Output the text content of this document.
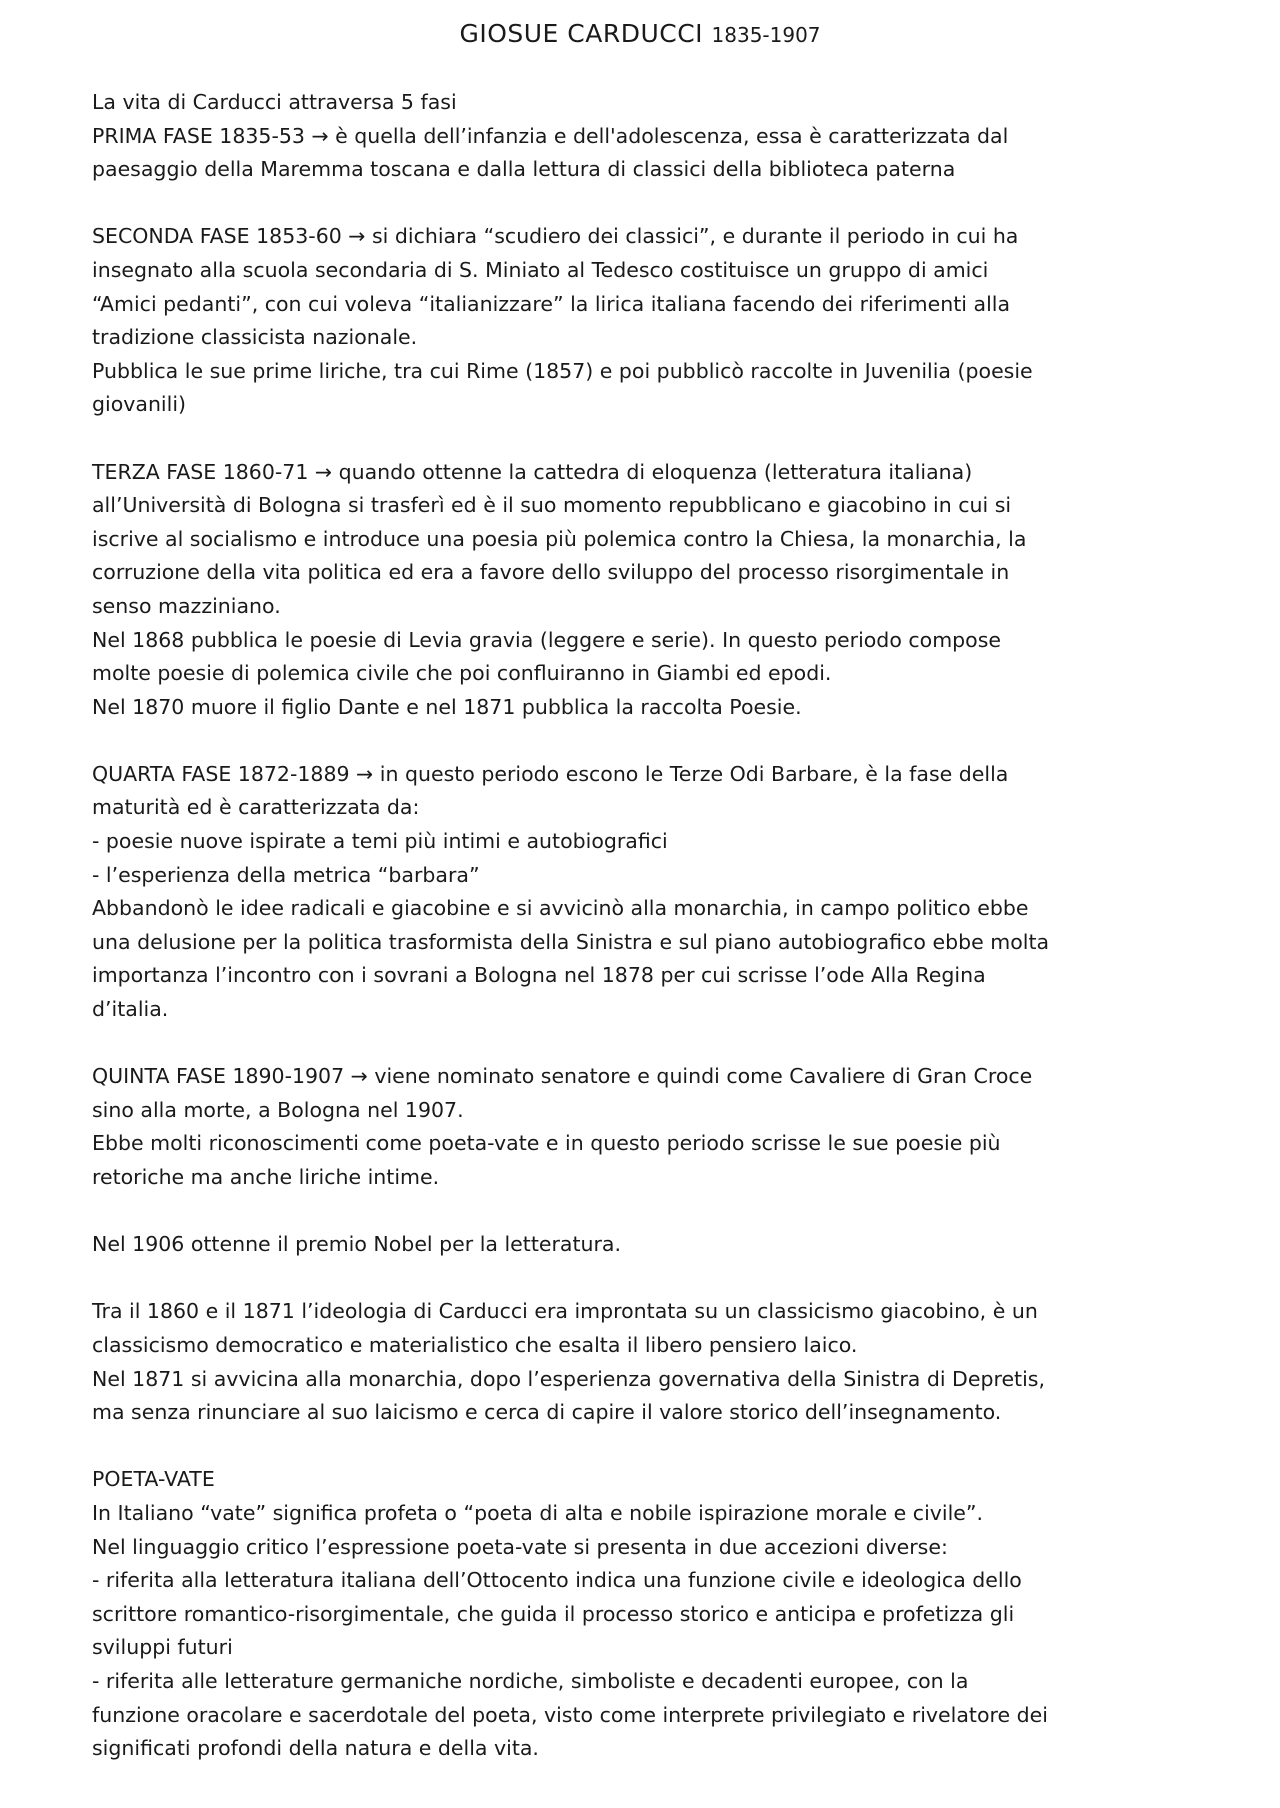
GIOSUE CARDUCCI 1835-1907
La vita di Carducci attraversa 5 fasi
PRIMA FASE 1835-53 → è quella dell’infanzia e dell'adolescenza, essa è caratterizzata dal
paesaggio della Maremma toscana e dalla lettura di classici della biblioteca paterna
SECONDA FASE 1853-60 → si dichiara “scudiero dei classici”, e durante il periodo in cui ha
insegnato alla scuola secondaria di S. Miniato al Tedesco costituisce un gruppo di amici
“Amici pedanti”, con cui voleva “italianizzare” la lirica italiana facendo dei riferimenti alla
tradizione classicista nazionale.
Pubblica le sue prime liriche, tra cui Rime (1857) e poi pubblicò raccolte in Juvenilia (poesie
giovanili)
TERZA FASE 1860-71 → quando ottenne la cattedra di eloquenza (letteratura italiana)
all’Università di Bologna si trasferì ed è il suo momento repubblicano e giacobino in cui si
iscrive al socialismo e introduce una poesia più polemica contro la Chiesa, la monarchia, la
corruzione della vita politica ed era a favore dello sviluppo del processo risorgimentale in
senso mazziniano.
Nel 1868 pubblica le poesie di Levia gravia (leggere e serie). In questo periodo compose
molte poesie di polemica civile che poi confluiranno in Giambi ed epodi.
Nel 1870 muore il figlio Dante e nel 1871 pubblica la raccolta Poesie.
QUARTA FASE 1872-1889 → in questo periodo escono le Terze Odi Barbare, è la fase della
maturità ed è caratterizzata da:
- poesie nuove ispirate a temi più intimi e autobiografici
- l’esperienza della metrica “barbara”
Abbandonò le idee radicali e giacobine e si avvicinò alla monarchia, in campo politico ebbe
una delusione per la politica trasformista della Sinistra e sul piano autobiografico ebbe molta
importanza l’incontro con i sovrani a Bologna nel 1878 per cui scrisse l’ode Alla Regina
d’italia.
QUINTA FASE 1890-1907 → viene nominato senatore e quindi come Cavaliere di Gran Croce
sino alla morte, a Bologna nel 1907.
Ebbe molti riconoscimenti come poeta-vate e in questo periodo scrisse le sue poesie più
retoriche ma anche liriche intime.
Nel 1906 ottenne il premio Nobel per la letteratura.
Tra il 1860 e il 1871 l’ideologia di Carducci era improntata su un classicismo giacobino, è un
classicismo democratico e materialistico che esalta il libero pensiero laico.
Nel 1871 si avvicina alla monarchia, dopo l’esperienza governativa della Sinistra di Depretis,
ma senza rinunciare al suo laicismo e cerca di capire il valore storico dell’insegnamento.
POETA-VATE
In Italiano “vate” significa profeta o “poeta di alta e nobile ispirazione morale e civile”.
Nel linguaggio critico l’espressione poeta-vate si presenta in due accezioni diverse:
- riferita alla letteratura italiana dell’Ottocento indica una funzione civile e ideologica dello
scrittore romantico-risorgimentale, che guida il processo storico e anticipa e profetizza gli
sviluppi futuri
- riferita alle letterature germaniche nordiche, simboliste e decadenti europee, con la
funzione oracolare e sacerdotale del poeta, visto come interprete privilegiato e rivelatore dei
significati profondi della natura e della vita.
